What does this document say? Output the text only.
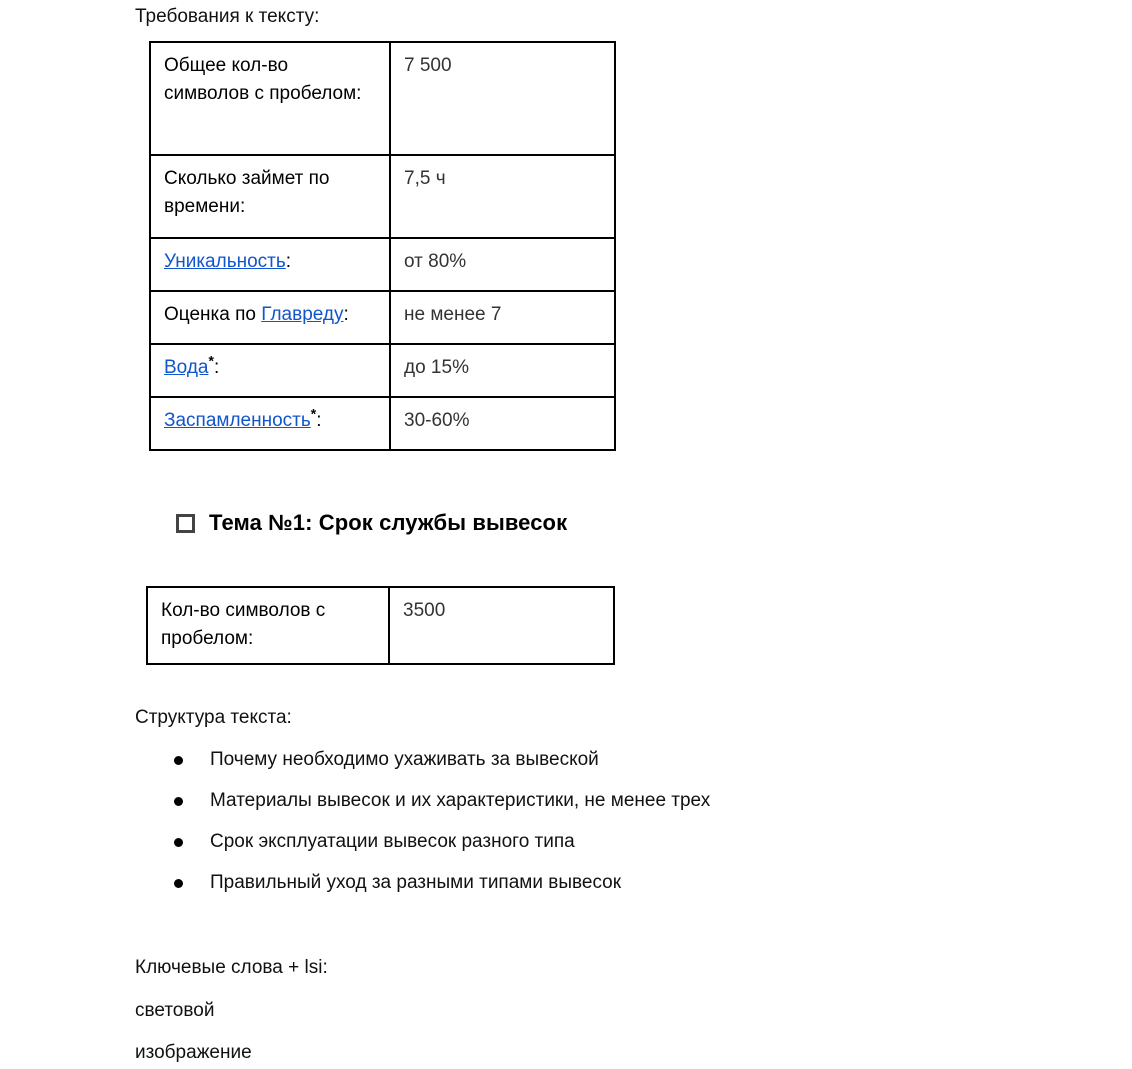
Требования к тексту:
Общее кол-во символов с пробелом:	7 500
Сколько займет по времени:	7,5 ч
Уникальность:	от 80%
Оценка по Главреду:	не менее 7
Вода*:	до 15%
Заспамленность*:	30-60%
Тема №1: Срок службы вывесок
Кол-во символов с пробелом:	3500
Структура текста:
Почему необходимо ухаживать за вывеской
Материалы вывесок и их характеристики, не менее трех
Срок эксплуатации вывесок разного типа
Правильный уход за разными типами вывесок
Ключевые слова + lsi:
световой
изображение
